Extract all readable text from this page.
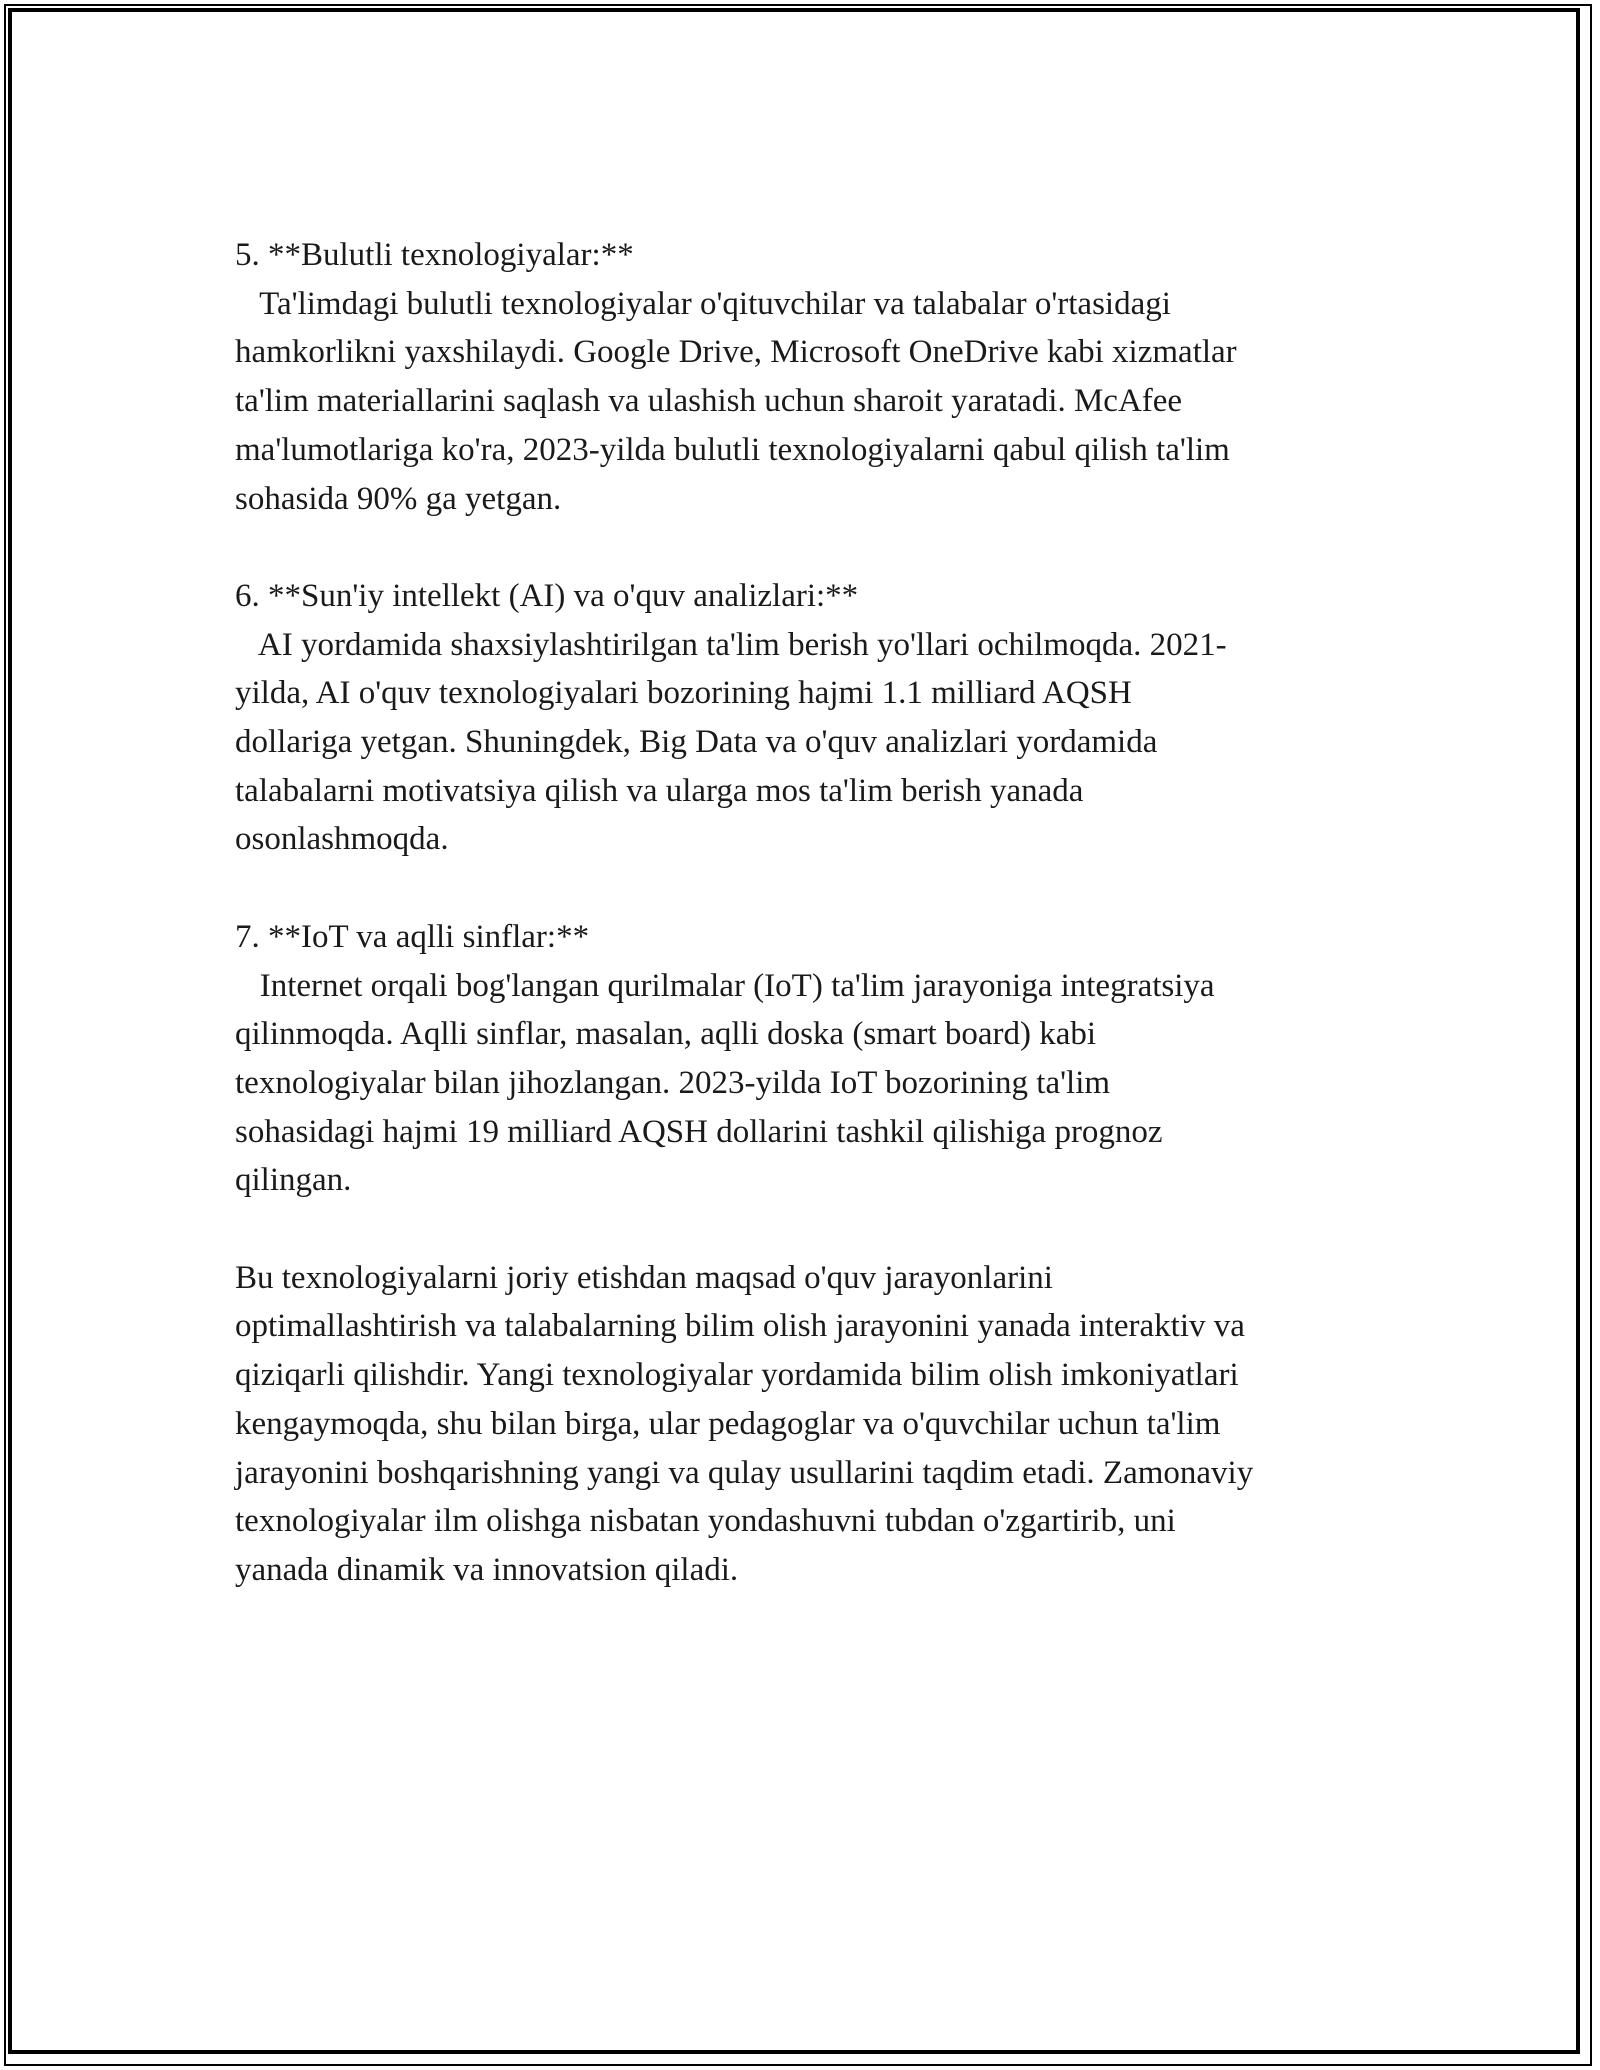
5. **Bulutli texnologiyalar:**
Ta'limdagi bulutli texnologiyalar o'qituvchilar va talabalar o'rtasidagi
hamkorlikni yaxshilaydi. Google Drive, Microsoft OneDrive kabi xizmatlar
ta'lim materiallarini saqlash va ulashish uchun sharoit yaratadi. McAfee
ma'lumotlariga ko'ra, 2023-yilda bulutli texnologiyalarni qabul qilish ta'lim
sohasida 90% ga yetgan.
6. **Sun'iy intellekt (AI) va o'quv analizlari:**
AI yordamida shaxsiylashtirilgan ta'lim berish yo'llari ochilmoqda. 2021-
yilda, AI o'quv texnologiyalari bozorining hajmi 1.1 milliard AQSH
dollariga yetgan. Shuningdek, Big Data va o'quv analizlari yordamida
talabalarni motivatsiya qilish va ularga mos ta'lim berish yanada
osonlashmoqda.
7. **IoT va aqlli sinflar:**
Internet orqali bog'langan qurilmalar (IoT) ta'lim jarayoniga integratsiya
qilinmoqda. Aqlli sinflar, masalan, aqlli doska (smart board) kabi
texnologiyalar bilan jihozlangan. 2023-yilda IoT bozorining ta'lim
sohasidagi hajmi 19 milliard AQSH dollarini tashkil qilishiga prognoz
qilingan.
Bu texnologiyalarni joriy etishdan maqsad o'quv jarayonlarini
optimallashtirish va talabalarning bilim olish jarayonini yanada interaktiv va
qiziqarli qilishdir. Yangi texnologiyalar yordamida bilim olish imkoniyatlari
kengaymoqda, shu bilan birga, ular pedagoglar va o'quvchilar uchun ta'lim
jarayonini boshqarishning yangi va qulay usullarini taqdim etadi. Zamonaviy
texnologiyalar ilm olishga nisbatan yondashuvni tubdan o'zgartirib, uni
yanada dinamik va innovatsion qiladi.
